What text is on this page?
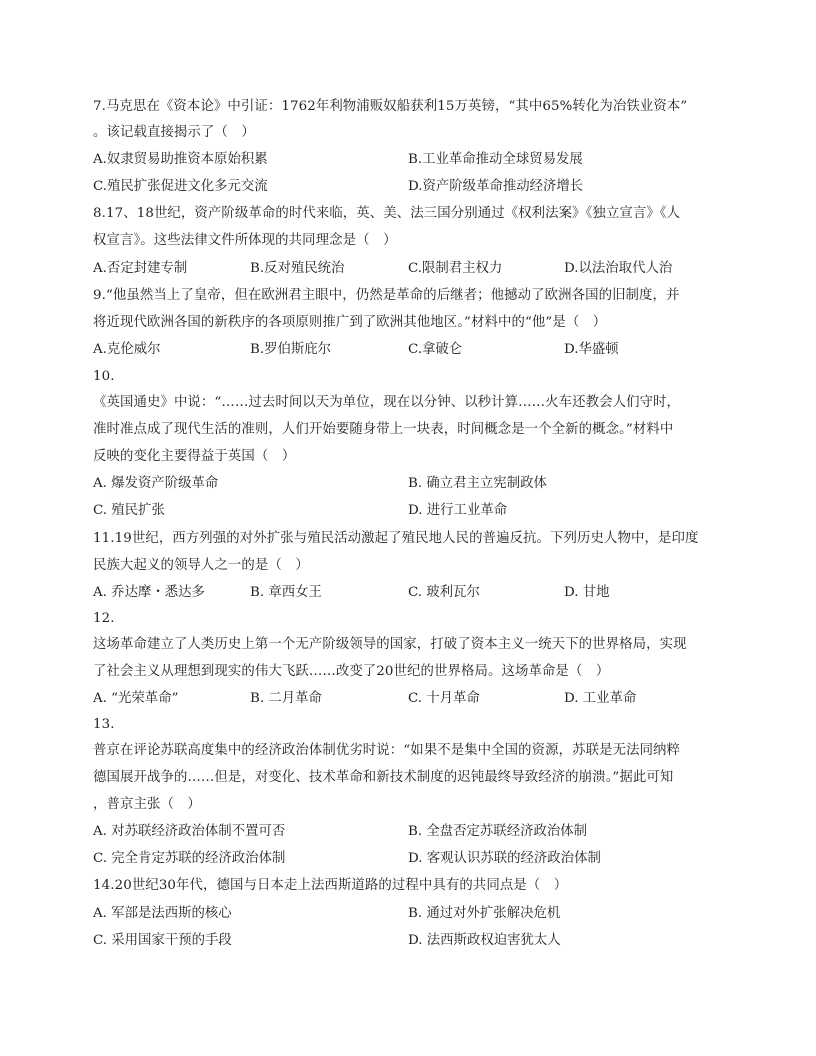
7.马克思在《资本论》中引证：1762年利物浦贩奴船获利15万英镑，“其中65%转化为冶铁业资本”
。该记载直接揭示了（　）
A.奴隶贸易助推资本原始积累	B.工业革命推动全球贸易发展
C.殖民扩张促进文化多元交流	D.资产阶级革命推动经济增长
8.17、18世纪，资产阶级革命的时代来临，英、美、法三国分别通过《权利法案》《独立宣言》《人
权宣言》。这些法律文件所体现的共同理念是（　）
A.否定封建专制	B.反对殖民统治	C.限制君主权力	D.以法治取代人治
9.“他虽然当上了皇帝，但在欧洲君主眼中，仍然是革命的后继者；他撼动了欧洲各国的旧制度，并
将近现代欧洲各国的新秩序的各项原则推广到了欧洲其他地区。”材料中的“他”是（　）
A.克伦威尔	B.罗伯斯庇尔	C.拿破仑	D.华盛顿
10.
《英国通史》中说：“……过去时间以天为单位，现在以分钟、以秒计算……火车还教会人们守时，
准时准点成了现代生活的准则，人们开始要随身带上一块表，时间概念是一个全新的概念。”材料中
反映的变化主要得益于英国（　）
A. 爆发资产阶级革命	B. 确立君主立宪制政体
C. 殖民扩张	D. 进行工业革命
11.19世纪，西方列强的对外扩张与殖民活动激起了殖民地人民的普遍反抗。下列历史人物中，是印度
民族大起义的领导人之一的是（　）
A. 乔达摩・悉达多	B. 章西女王	C. 玻利瓦尔	D. 甘地
12.
这场革命建立了人类历史上第一个无产阶级领导的国家，打破了资本主义一统天下的世界格局，实现
了社会主义从理想到现实的伟大飞跃……改变了20世纪的世界格局。这场革命是（　）
A. “光荣革命”	B. 二月革命	C. 十月革命	D. 工业革命
13.
普京在评论苏联高度集中的经济政治体制优劣时说：“如果不是集中全国的资源，苏联是无法同纳粹
德国展开战争的……但是，对变化、技术革命和新技术制度的迟钝最终导致经济的崩溃。”据此可知
，普京主张（　）
A. 对苏联经济政治体制不置可否	B. 全盘否定苏联经济政治体制
C. 完全肯定苏联的经济政治体制	D. 客观认识苏联的经济政治体制
14.20世纪30年代，德国与日本走上法西斯道路的过程中具有的共同点是（　）
A. 军部是法西斯的核心	B. 通过对外扩张解决危机
C. 采用国家干预的手段	D. 法西斯政权迫害犹太人
